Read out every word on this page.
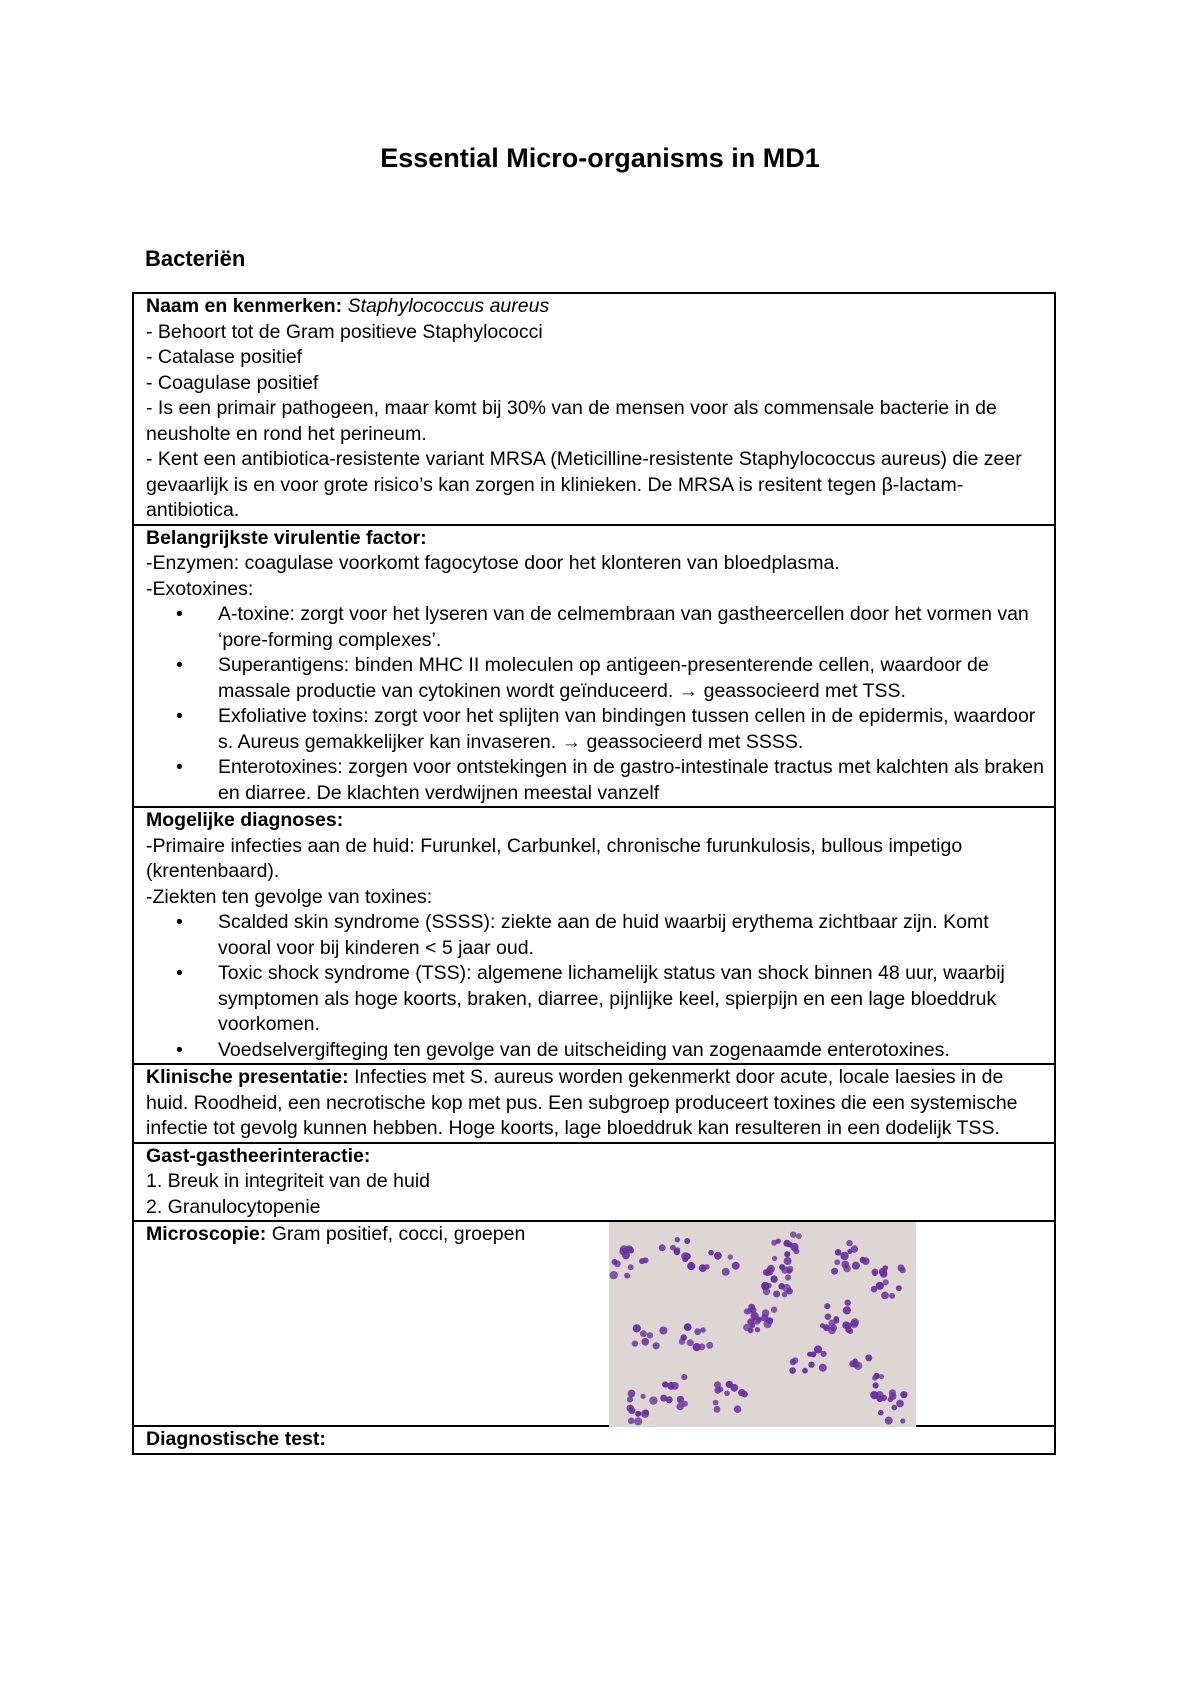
Essential Micro-organisms in MD1
Bacteriën
Naam en kenmerken: Staphylococcus aureus
- Behoort tot de Gram positieve Staphylococci
- Catalase positief
- Coagulase positief
- Is een primair pathogeen, maar komt bij 30% van de mensen voor als commensale bacterie in de neusholte en rond het perineum.
- Kent een antibiotica-resistente variant MRSA (Meticilline-resistente Staphylococcus aureus) die zeer gevaarlijk is en voor grote risico’s kan zorgen in klinieken. De MRSA is resitent tegen β-lactam-antibiotica.

Belangrijkste virulentie factor:
-Enzymen: coagulase voorkomt fagocytose door het klonteren van bloedplasma.
-Exotoxines:
• A-toxine: zorgt voor het lyseren van de celmembraan van gastheercellen door het vormen van ‘pore-forming complexes’.
• Superantigens: binden MHC II moleculen op antigeen-presenterende cellen, waardoor de massale productie van cytokinen wordt geïnduceerd. → geassocieerd met TSS.
• Exfoliative toxins: zorgt voor het splijten van bindingen tussen cellen in de epidermis, waardoor s. Aureus gemakkelijker kan invaseren. → geassocieerd met SSSS.
• Enterotoxines: zorgen voor ontstekingen in de gastro-intestinale tractus met kalchten als braken en diarree. De klachten verdwijnen meestal vanzelf

Mogelijke diagnoses:
-Primaire infecties aan de huid: Furunkel, Carbunkel, chronische furunkulosis, bullous impetigo (krentenbaard).
-Ziekten ten gevolge van toxines:
• Scalded skin syndrome (SSSS): ziekte aan de huid waarbij erythema zichtbaar zijn. Komt vooral voor bij kinderen < 5 jaar oud.
• Toxic shock syndrome (TSS): algemene lichamelijk status van shock binnen 48 uur, waarbij symptomen als hoge koorts, braken, diarree, pijnlijke keel, spierpijn en een lage bloeddruk voorkomen.
• Voedselvergifteging ten gevolge van de uitscheiding van zogenaamde enterotoxines.

Klinische presentatie: Infecties met S. aureus worden gekenmerkt door acute, locale laesies in de huid. Roodheid, een necrotische kop met pus. Een subgroep produceert toxines die een systemische infectie tot gevolg kunnen hebben. Hoge koorts, lage bloeddruk kan resulteren in een dodelijk TSS.

Gast-gastheerinteractie:
1. Breuk in integriteit van de huid
2. Granulocytopenie

Microscopie: Gram positief, cocci, groepen

Diagnostische test:
